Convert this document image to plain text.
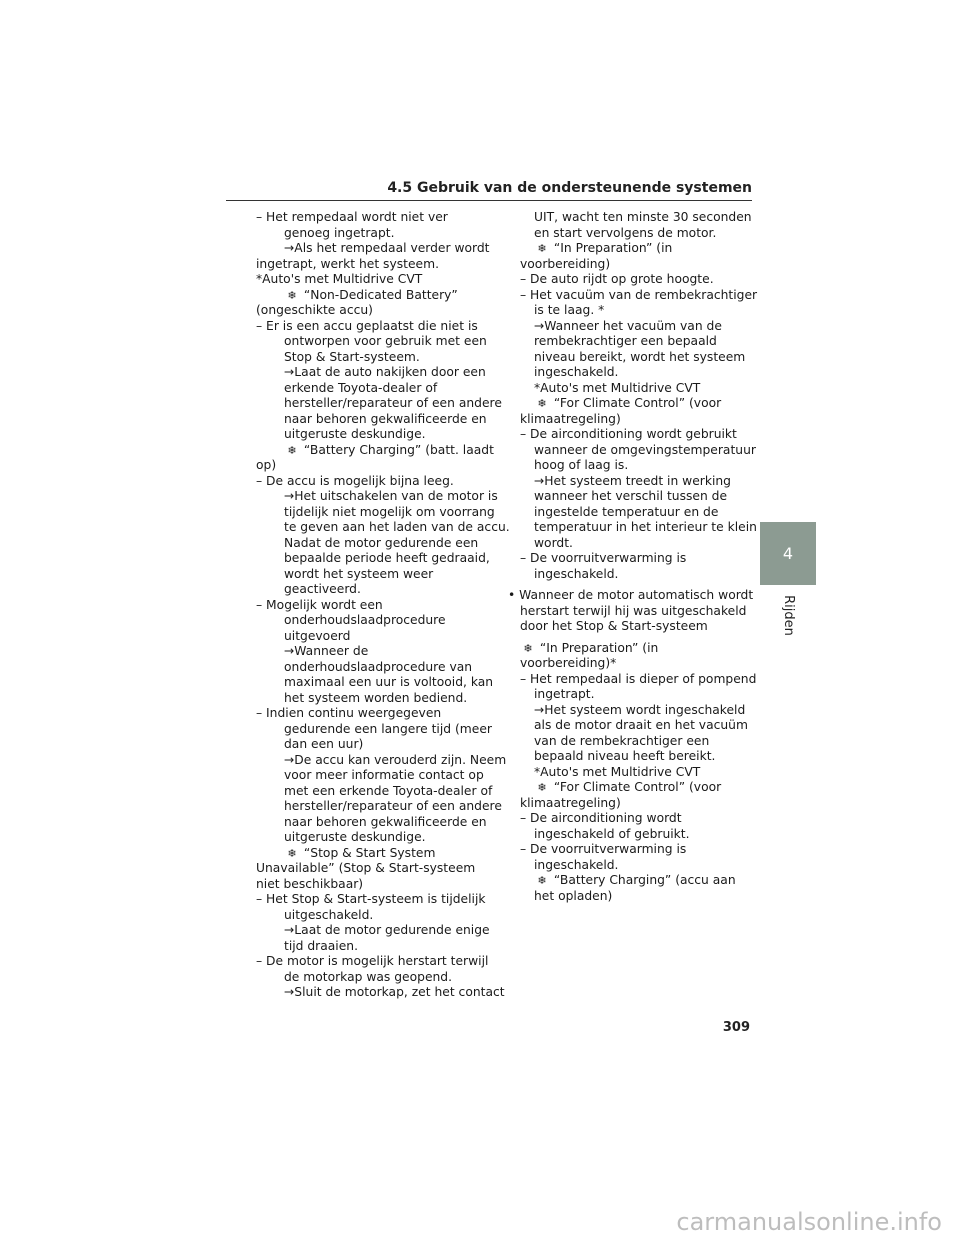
4.5 Gebruik van de ondersteunende systemen
– Het rempedaal wordt niet ver
genoeg ingetrapt.
→Als het rempedaal verder wordt
ingetrapt, werkt het systeem.
*Auto's met Multidrive CVT
❄ “Non-Dedicated Battery”
(ongeschikte accu)
– Er is een accu geplaatst die niet is
ontworpen voor gebruik met een
Stop & Start-systeem.
→Laat de auto nakijken door een
erkende Toyota-dealer of
hersteller/reparateur of een andere
naar behoren gekwalificeerde en
uitgeruste deskundige.
❄ “Battery Charging” (batt. laadt
op)
– De accu is mogelijk bijna leeg.
→Het uitschakelen van de motor is
tijdelijk niet mogelijk om voorrang
te geven aan het laden van de accu.
Nadat de motor gedurende een
bepaalde periode heeft gedraaid,
wordt het systeem weer
geactiveerd.
– Mogelijk wordt een
onderhoudslaadprocedure
uitgevoerd
→Wanneer de
onderhoudslaadprocedure van
maximaal een uur is voltooid, kan
het systeem worden bediend.
– Indien continu weergegeven
gedurende een langere tijd (meer
dan een uur)
→De accu kan verouderd zijn. Neem
voor meer informatie contact op
met een erkende Toyota-dealer of
hersteller/reparateur of een andere
naar behoren gekwalificeerde en
uitgeruste deskundige.
❄ “Stop & Start System
Unavailable” (Stop & Start-systeem
niet beschikbaar)
– Het Stop & Start-systeem is tijdelijk
uitgeschakeld.
→Laat de motor gedurende enige
tijd draaien.
– De motor is mogelijk herstart terwijl
de motorkap was geopend.
→Sluit de motorkap, zet het contact
UIT, wacht ten minste 30 seconden
en start vervolgens de motor.
❄ “In Preparation” (in
voorbereiding)
– De auto rijdt op grote hoogte.
– Het vacuüm van de rembekrachtiger
is te laag. *
→Wanneer het vacuüm van de
rembekrachtiger een bepaald
niveau bereikt, wordt het systeem
ingeschakeld.
*Auto's met Multidrive CVT
❄ “For Climate Control” (voor
klimaatregeling)
– De airconditioning wordt gebruikt
wanneer de omgevingstemperatuur
hoog of laag is.
→Het systeem treedt in werking
wanneer het verschil tussen de
ingestelde temperatuur en de
temperatuur in het interieur te klein
wordt.
– De voorruitverwarming is
ingeschakeld.
• Wanneer de motor automatisch wordt
herstart terwijl hij was uitgeschakeld
door het Stop & Start-systeem
❄ “In Preparation” (in
voorbereiding)*
– Het rempedaal is dieper of pompend
ingetrapt.
→Het systeem wordt ingeschakeld
als de motor draait en het vacuüm
van de rembekrachtiger een
bepaald niveau heeft bereikt.
*Auto's met Multidrive CVT
❄ “For Climate Control” (voor
klimaatregeling)
– De airconditioning wordt
ingeschakeld of gebruikt.
– De voorruitverwarming is
ingeschakeld.
❄ “Battery Charging” (accu aan
het opladen)
4
Rijden
309
carmanualsonline.info
